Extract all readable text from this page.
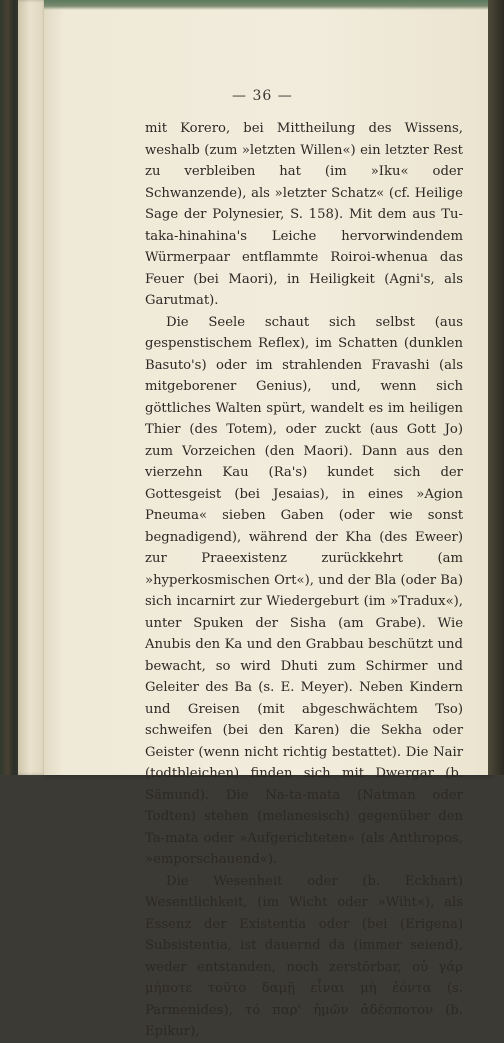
— 36 —

mit Korero, bei Mittheilung des Wissens, weshalb (zum »letzten Willen«) ein letzter Rest zu verbleiben hat (im »Iku« oder Schwanzende), als »letzter Schatz« (cf. Heilige Sage der Polynesier, S. 158). Mit dem aus Tu-taka-hinahina's Leiche hervorwindendem Würmerpaar entflammte Roiroi-whenua das Feuer (bei Maori), in Heiligkeit (Agni's, als Garutmat).

Die Seele schaut sich selbst (aus gespenstischem Reflex), im Schatten (dunklen Basuto's) oder im strahlenden Fravashi (als mitgeborener Genius), und, wenn sich göttliches Walten spürt, wandelt es im heiligen Thier (des Totem), oder zuckt (aus Gott Jo) zum Vorzeichen (den Maori). Dann aus den vierzehn Kau (Ra's) kundet sich der Gottesgeist (bei Jesaias), in eines »Agion Pneuma« sieben Gaben (oder wie sonst begnadigend), während der Kha (des Eweer) zur Praeexistenz zurückkehrt (am »hyperkosmischen Ort«), und der Bla (oder Ba) sich incarnirt zur Wiedergeburt (im »Tradux«), unter Spuken der Sisha (am Grabe). Wie Anubis den Ka und den Grabbau beschützt und bewacht, so wird Dhuti zum Schirmer und Geleiter des Ba (s. E. Meyer). Neben Kindern und Greisen (mit abgeschwächtem Tso) schweifen (bei den Karen) die Sekha oder Geister (wenn nicht richtig bestattet). Die Nair (todtbleichen) finden sich mit Dwergar (b. Sämund). Die Na-ta-mata (Natman oder Todten) stehen (melanesisch) gegenüber den Ta-mata oder »Aufgerichteten« (als Anthropos, »emporschauend«).

Die Wesenheit oder (b. Eckhart) Wesentlichkeit, (im Wicht oder »Wiht«), als Essenz der Existentia oder (bei (Erigena) Subsistentia, ist dauernd da (immer seiend), weder entstanden, noch zerstörbar, οὐ γάρ μήποτε τοῦτο δαμῇ εἶναι μὴ ἐόντα (s. Parmenides), τό παρ' ἡμῶν ἀδέσποτον (b. Epikur),
